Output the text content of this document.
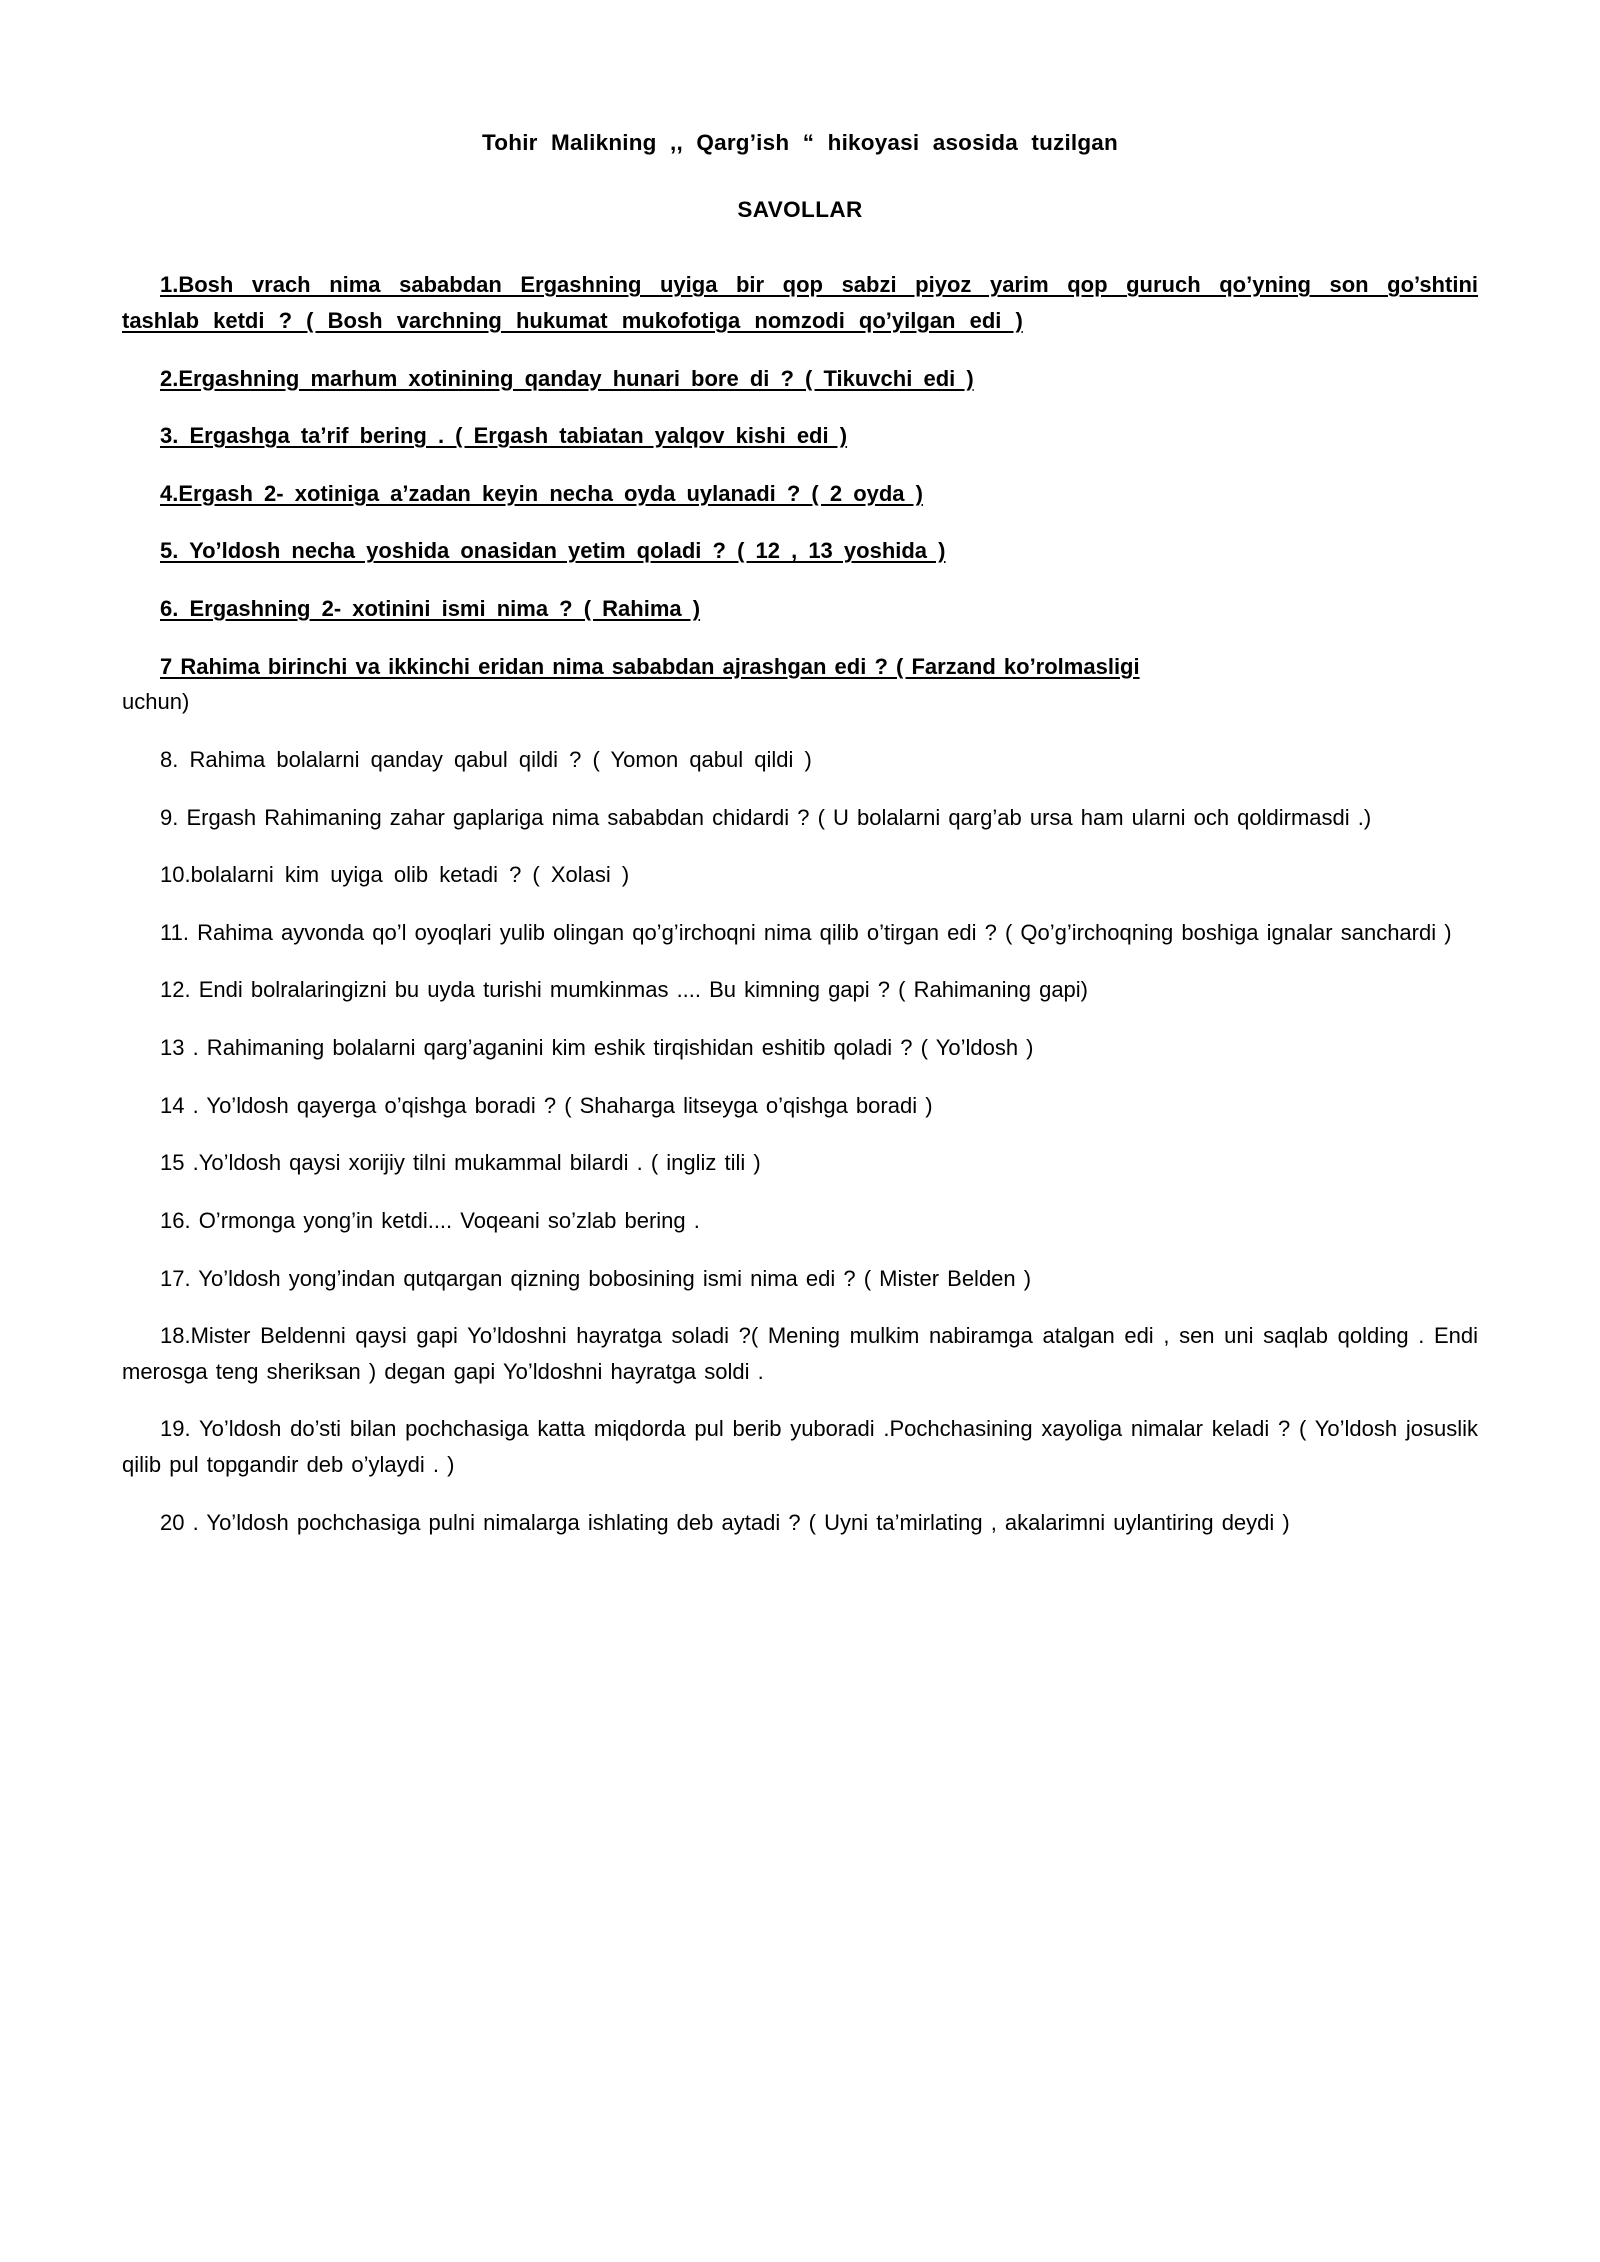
Tohir Malikning ,, Qarg’ish “ hikoyasi asosida tuzilgan
SAVOLLAR

1.Bosh vrach nima sababdan Ergashning uyiga bir qop sabzi piyoz yarim qop guruch qo’yning son go’shtini tashlab ketdi ? ( Bosh varchning hukumat mukofotiga nomzodi qo’yilgan edi )

2.Ergashning marhum xotinining qanday hunari bore di ? ( Tikuvchi edi )

3. Ergashga ta’rif bering . ( Ergash tabiatan yalqov kishi edi )

4.Ergash 2- xotiniga a’zadan keyin necha oyda uylanadi ? ( 2 oyda )

5. Yo’ldosh necha yoshida onasidan yetim qoladi ? ( 12 , 13 yoshida )

6. Ergashning 2- xotinini ismi nima ? ( Rahima )

7 Rahima birinchi va ikkinchi eridan nima sababdan ajrashgan edi ? ( Farzand ko’rolmasligi
uchun)

8. Rahima bolalarni qanday qabul qildi ? ( Yomon qabul qildi )

9. Ergash Rahimaning zahar gaplariga nima sababdan chidardi ? ( U bolalarni qarg’ab ursa ham ularni och qoldirmasdi .)

10.bolalarni kim uyiga olib ketadi ? ( Xolasi )

11. Rahima ayvonda qo’l oyoqlari yulib olingan qo’g’irchoqni nima qilib o’tirgan edi ? ( Qo’g’irchoqning boshiga ignalar sanchardi )

12. Endi bolralaringizni bu uyda turishi mumkinmas .... Bu kimning gapi ? ( Rahimaning gapi)

13 . Rahimaning bolalarni qarg’aganini kim eshik tirqishidan eshitib qoladi ? ( Yo’ldosh )

14 . Yo’ldosh qayerga o’qishga boradi ? ( Shaharga litseyga o’qishga boradi )

15 .Yo’ldosh qaysi xorijiy tilni mukammal bilardi . ( ingliz tili )

16. O’rmonga yong’in ketdi.... Voqeani so’zlab bering .

17. Yo’ldosh yong’indan qutqargan qizning bobosining ismi nima edi ? ( Mister Belden )

18.Mister Beldenni qaysi gapi Yo’ldoshni hayratga soladi ?( Mening mulkim nabiramga atalgan edi , sen uni saqlab qolding . Endi merosga teng sheriksan ) degan gapi Yo’ldoshni hayratga soldi .

19. Yo’ldosh do’sti bilan pochchasiga katta miqdorda pul berib yuboradi .Pochchasining xayoliga nimalar keladi ? ( Yo’ldosh josuslik qilib pul topgandir deb o’ylaydi . )

20 . Yo’ldosh pochchasiga pulni nimalarga ishlating deb aytadi ? ( Uyni ta’mirlating , akalarimni uylantiring deydi )
